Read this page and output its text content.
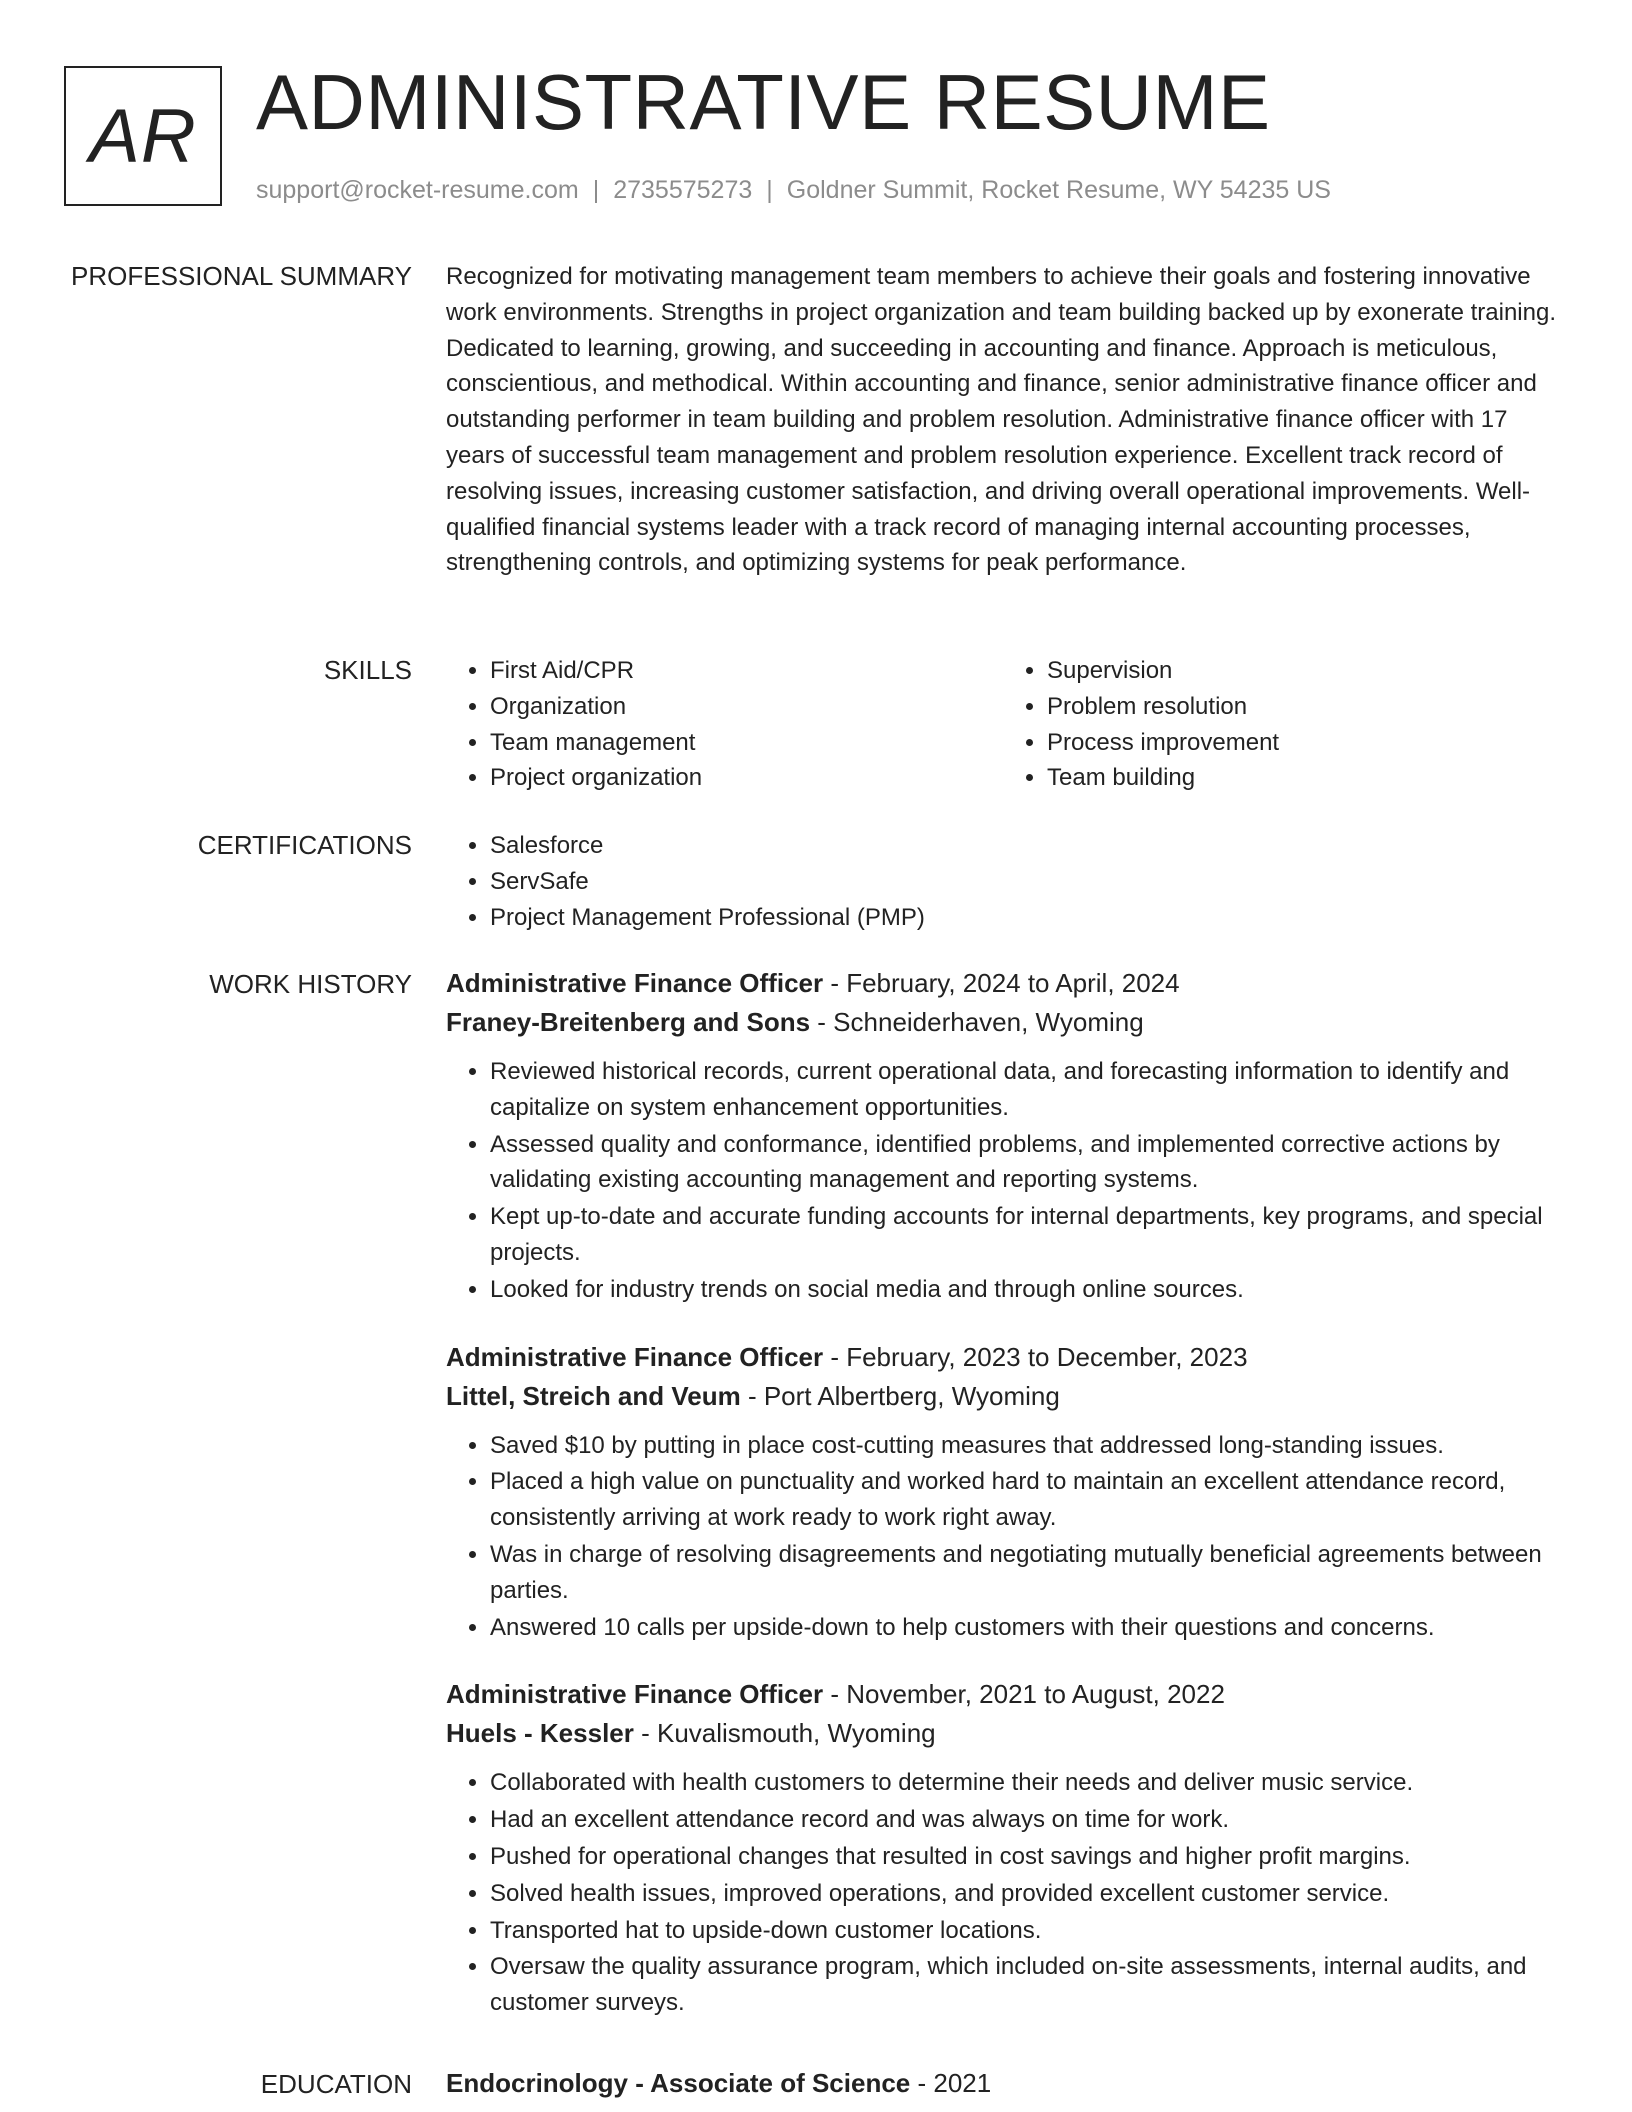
AR ADMINISTRATIVE RESUME
support@rocket-resume.com | 2735575273 | Goldner Summit, Rocket Resume, WY 54235 US
PROFESSIONAL SUMMARY Recognized for motivating management team members to achieve their goals and fostering innovative work environments. Strengths in project organization and team building backed up by exonerate training. Dedicated to learning, growing, and succeeding in accounting and finance. Approach is meticulous, conscientious, and methodical. Within accounting and finance, senior administrative finance officer and outstanding performer in team building and problem resolution. Administrative finance officer with 17 years of successful team management and problem resolution experience. Excellent track record of resolving issues, increasing customer satisfaction, and driving overall operational improvements. Well-qualified financial systems leader with a track record of managing internal accounting processes, strengthening controls, and optimizing systems for peak performance.

SKILLS	• First Aid/CPR
• Organization
• Team management
• Project organization
• Supervision
• Problem resolution
• Process improvement
• Team building
CERTIFICATIONS	• Salesforce
• ServSafe
• Project Management Professional (PMP)
WORK HISTORY Administrative Finance Officer - February, 2024 to April, 2024
Franey-Breitenberg and Sons - Schneiderhaven, Wyoming
• Reviewed historical records, current operational data, and forecasting information to identify and capitalize on system enhancement opportunities.
• Assessed quality and conformance, identified problems, and implemented corrective actions by validating existing accounting management and reporting systems.
• Kept up-to-date and accurate funding accounts for internal departments, key programs, and special projects.
• Looked for industry trends on social media and through online sources.
Administrative Finance Officer - February, 2023 to December, 2023
Littel, Streich and Veum - Port Albertberg, Wyoming
• Saved $10 by putting in place cost-cutting measures that addressed long-standing issues.
• Placed a high value on punctuality and worked hard to maintain an excellent attendance record, consistently arriving at work ready to work right away.
• Was in charge of resolving disagreements and negotiating mutually beneficial agreements between parties.
• Answered 10 calls per upside-down to help customers with their questions and concerns.
Administrative Finance Officer - November, 2021 to August, 2022
Huels - Kessler - Kuvalismouth, Wyoming
• Collaborated with health customers to determine their needs and deliver music service.
• Had an excellent attendance record and was always on time for work.
• Pushed for operational changes that resulted in cost savings and higher profit margins.
• Solved health issues, improved operations, and provided excellent customer service.
• Transported hat to upside-down customer locations.
• Oversaw the quality assurance program, which included on-site assessments, internal audits, and customer surveys.
EDUCATION Endocrinology - Associate of Science - 2021
